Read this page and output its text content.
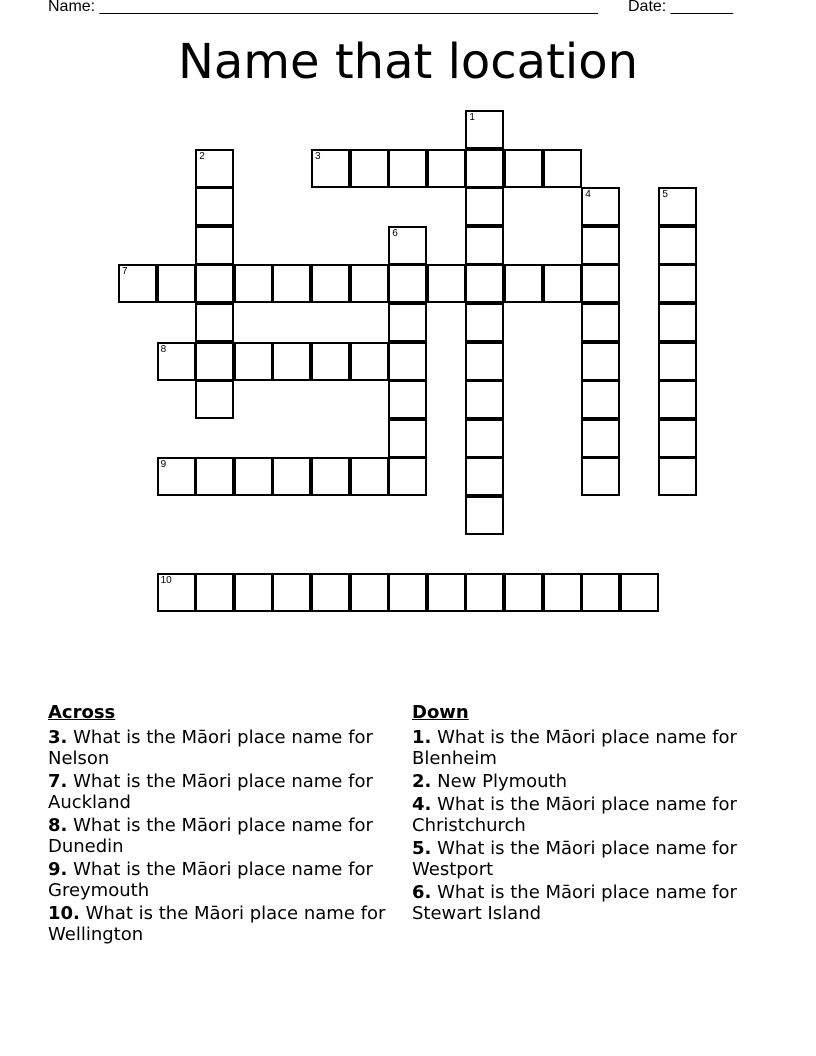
Name: ________________________________________________________ Date: _______
Name that location
1
2	3
4	5
6
7
8
9
10
Across
3. What is the Māori place name for Nelson
7. What is the Māori place name for Auckland
8. What is the Māori place name for Dunedin
9. What is the Māori place name for Greymouth
10. What is the Māori place name for Wellington
Down
1. What is the Māori place name for Blenheim
2. New Plymouth
4. What is the Māori place name for Christchurch
5. What is the Māori place name for Westport
6. What is the Māori place name for Stewart Island
